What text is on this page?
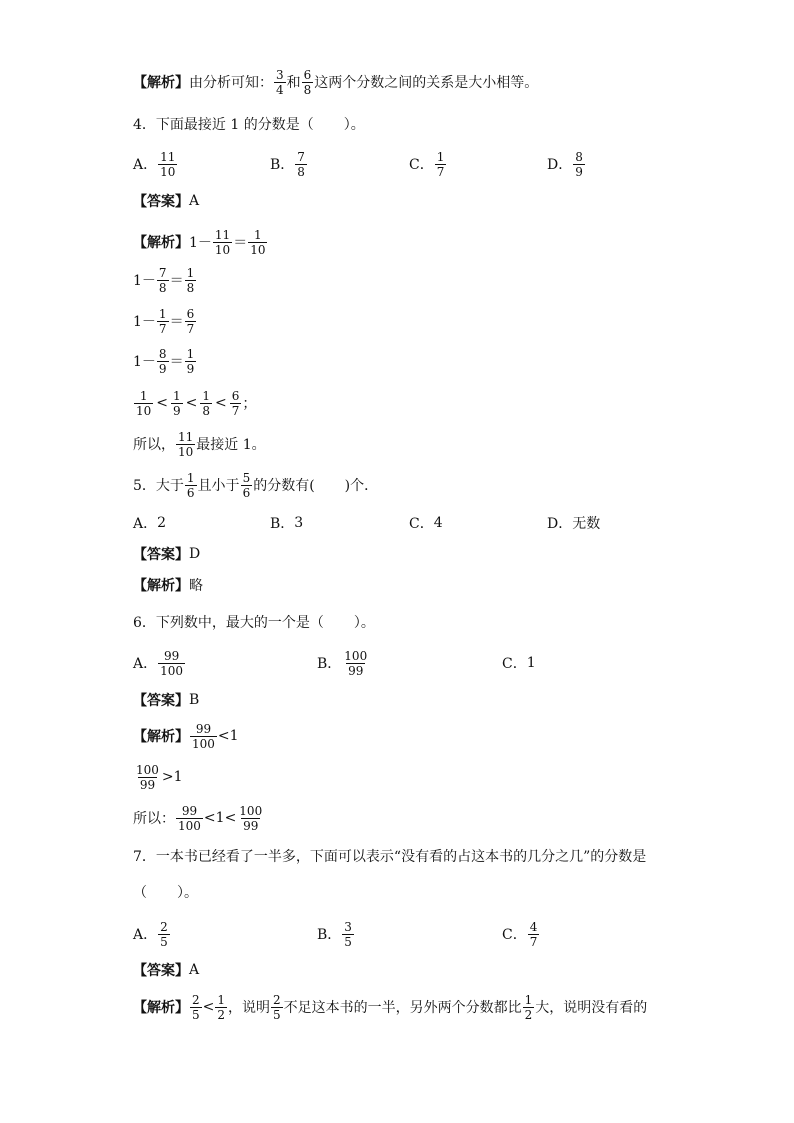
【解析】 由分析可知：
3
4 和
6
8 这两个分数之间的关系是大小相等。
4．下面最接近 1 的分数是（ ）。
A．
11
10	B．
7
8	C．
1
7	D．
8
9
【答案】 A
【解析】 1－
11
10 ＝
1
10
1－
7
8 ＝
1
8
1－
1
7 ＝
6
7
1－
8
9 ＝
1
9
1
10 < 1
9 < 1
8 < 6
7 ；
所以，
11
10 最接近 1。
5．大于
1
6 且小于
5
6 的分数有( )个．
A． 2	B． 3	C． 4	D． 无数
【答案】 D
【解析】 略
6．下列数中，最大的一个是（ ）。
A．
99
100	B．
100
99	C． 1
【答案】 B
【解析】
99
100 < 1
100
99 > 1
所以：
99
100 < 1 < 100
99
7．一本书已经看了一半多，下面可以表示“没有看的占这本书的几分之几”的分数是
（ ）。
A．
2
5	B．
3
5	C．
4
7
【答案】 A
【解析】
2
5 < 1
2 ，说明
2
5 不足这本书的一半，另外两个分数都比
1
2 大，说明没有看的
